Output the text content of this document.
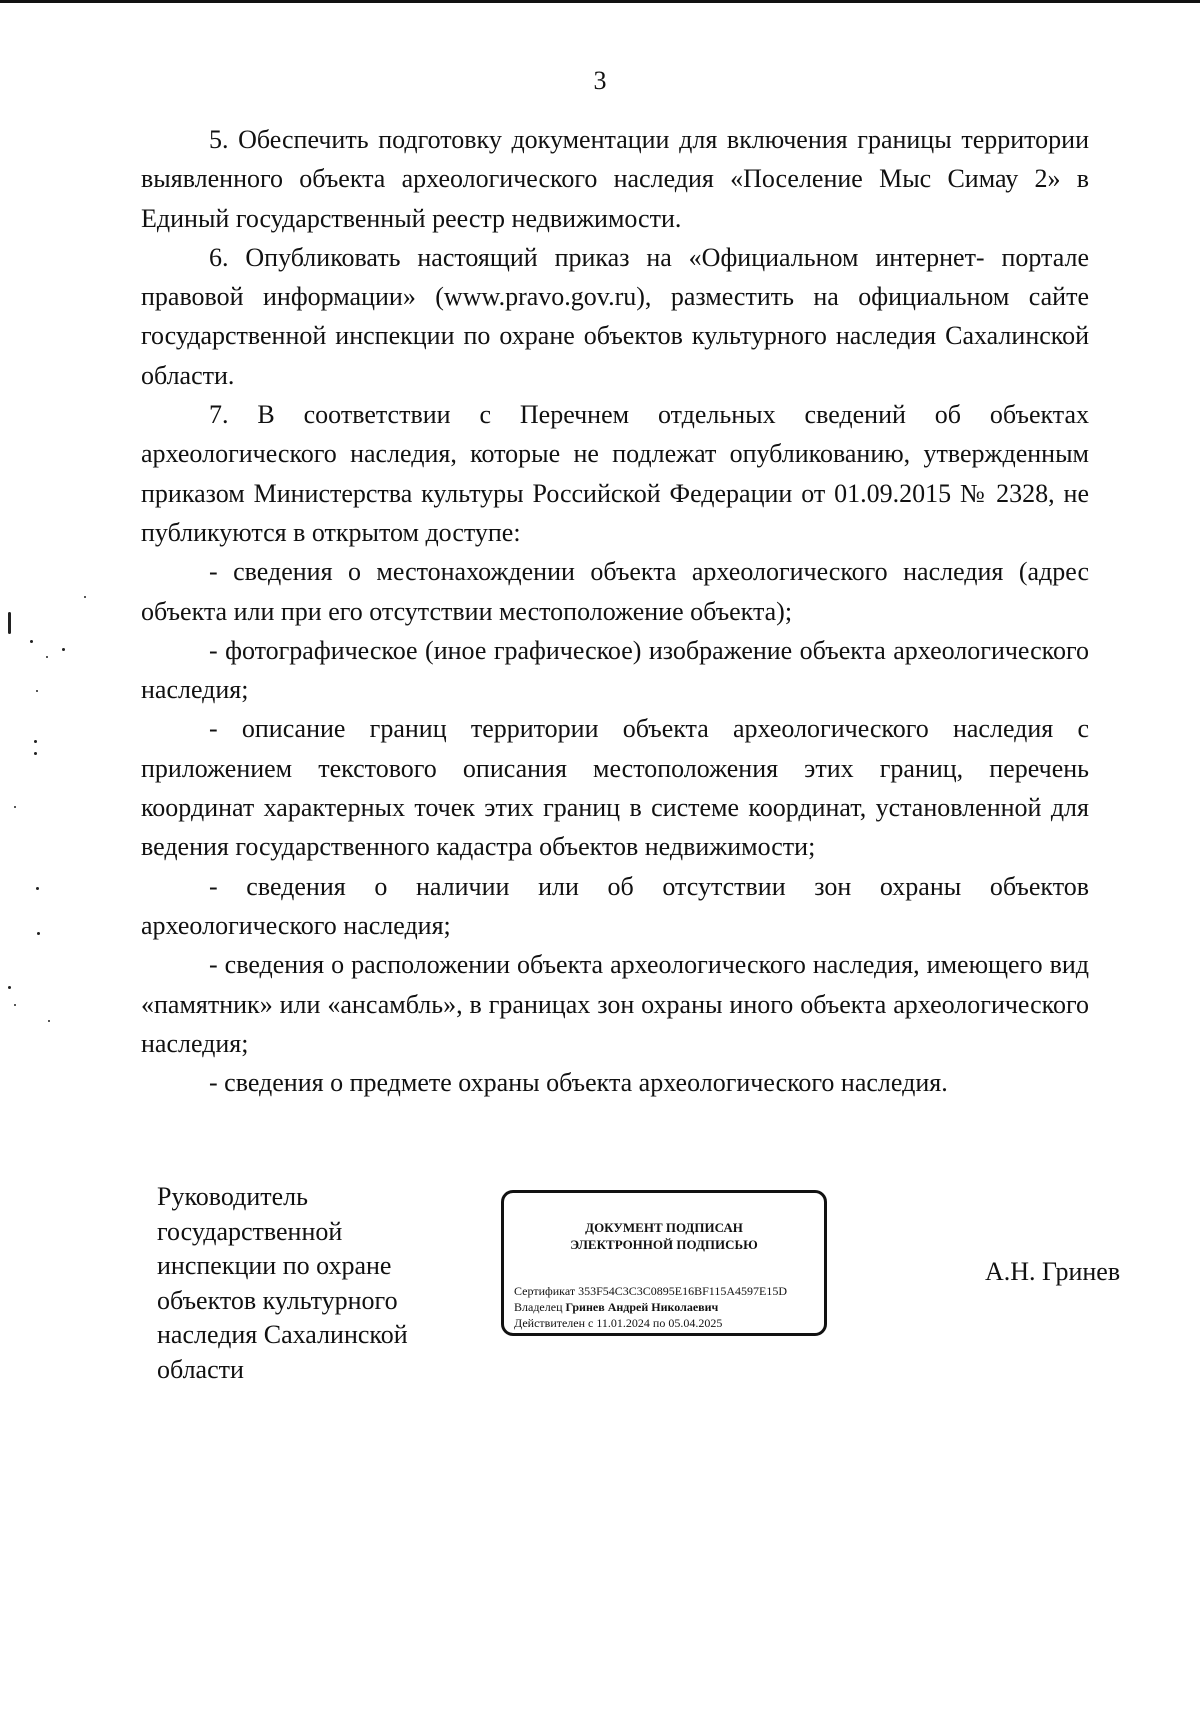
3

5. Обеспечить подготовку документации для включения границы территории выявленного объекта археологического наследия «Поселение Мыс Симау 2» в Единый государственный реестр недвижимости.

6. Опубликовать настоящий приказ на «Официальном интернет- портале правовой информации» (www.pravo.gov.ru), разместить на официальном сайте государственной инспекции по охране объектов культурного наследия Сахалинской области.

7. В соответствии с Перечнем отдельных сведений об объектах археологического наследия, которые не подлежат опубликованию, утвержденным приказом Министерства культуры Российской Федерации от 01.09.2015 № 2328, не публикуются в открытом доступе:

- сведения о местонахождении объекта археологического наследия (адрес объекта или при его отсутствии местоположение объекта);

- фотографическое (иное графическое) изображение объекта археологического наследия;

- описание границ территории объекта археологического наследия с приложением текстового описания местоположения этих границ, перечень координат характерных точек этих границ в системе координат, установленной для ведения государственного кадастра объектов недвижимости;

- сведения о наличии или об отсутствии зон охраны объектов археологического наследия;

- сведения о расположении объекта археологического наследия, имеющего вид «памятник» или «ансамбль», в границах зон охраны иного объекта археологического наследия;

- сведения о предмете охраны объекта археологического наследия.

Руководитель
государственной
инспекции по охране
объектов культурного
наследия Сахалинской
области
ДОКУМЕНТ ПОДПИСАН
ЭЛЕКТРОННОЙ ПОДПИСЬЮ
Сертификат 353F54C3C3C0895E16BF115A4597E15D
Владелец Гринев Андрей Николаевич
Действителен с 11.01.2024 по 05.04.2025
А.Н. Гринев
